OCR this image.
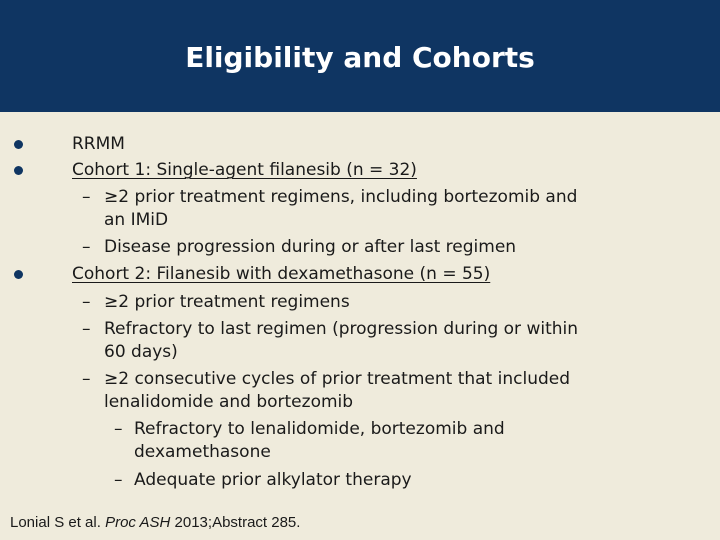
Eligibility and Cohorts
RRMM
Cohort 1: Single-agent filanesib (n = 32)
– ≥2 prior treatment regimens, including bortezomib and
an IMiD
– Disease progression during or after last regimen
Cohort 2: Filanesib with dexamethasone (n = 55)
– ≥2 prior treatment regimens
– Refractory to last regimen (progression during or within
60 days)
– ≥2 consecutive cycles of prior treatment that included
lenalidomide and bortezomib
– Refractory to lenalidomide, bortezomib and
dexamethasone
– Adequate prior alkylator therapy
Lonial S et al. Proc ASH 2013;Abstract 285.
